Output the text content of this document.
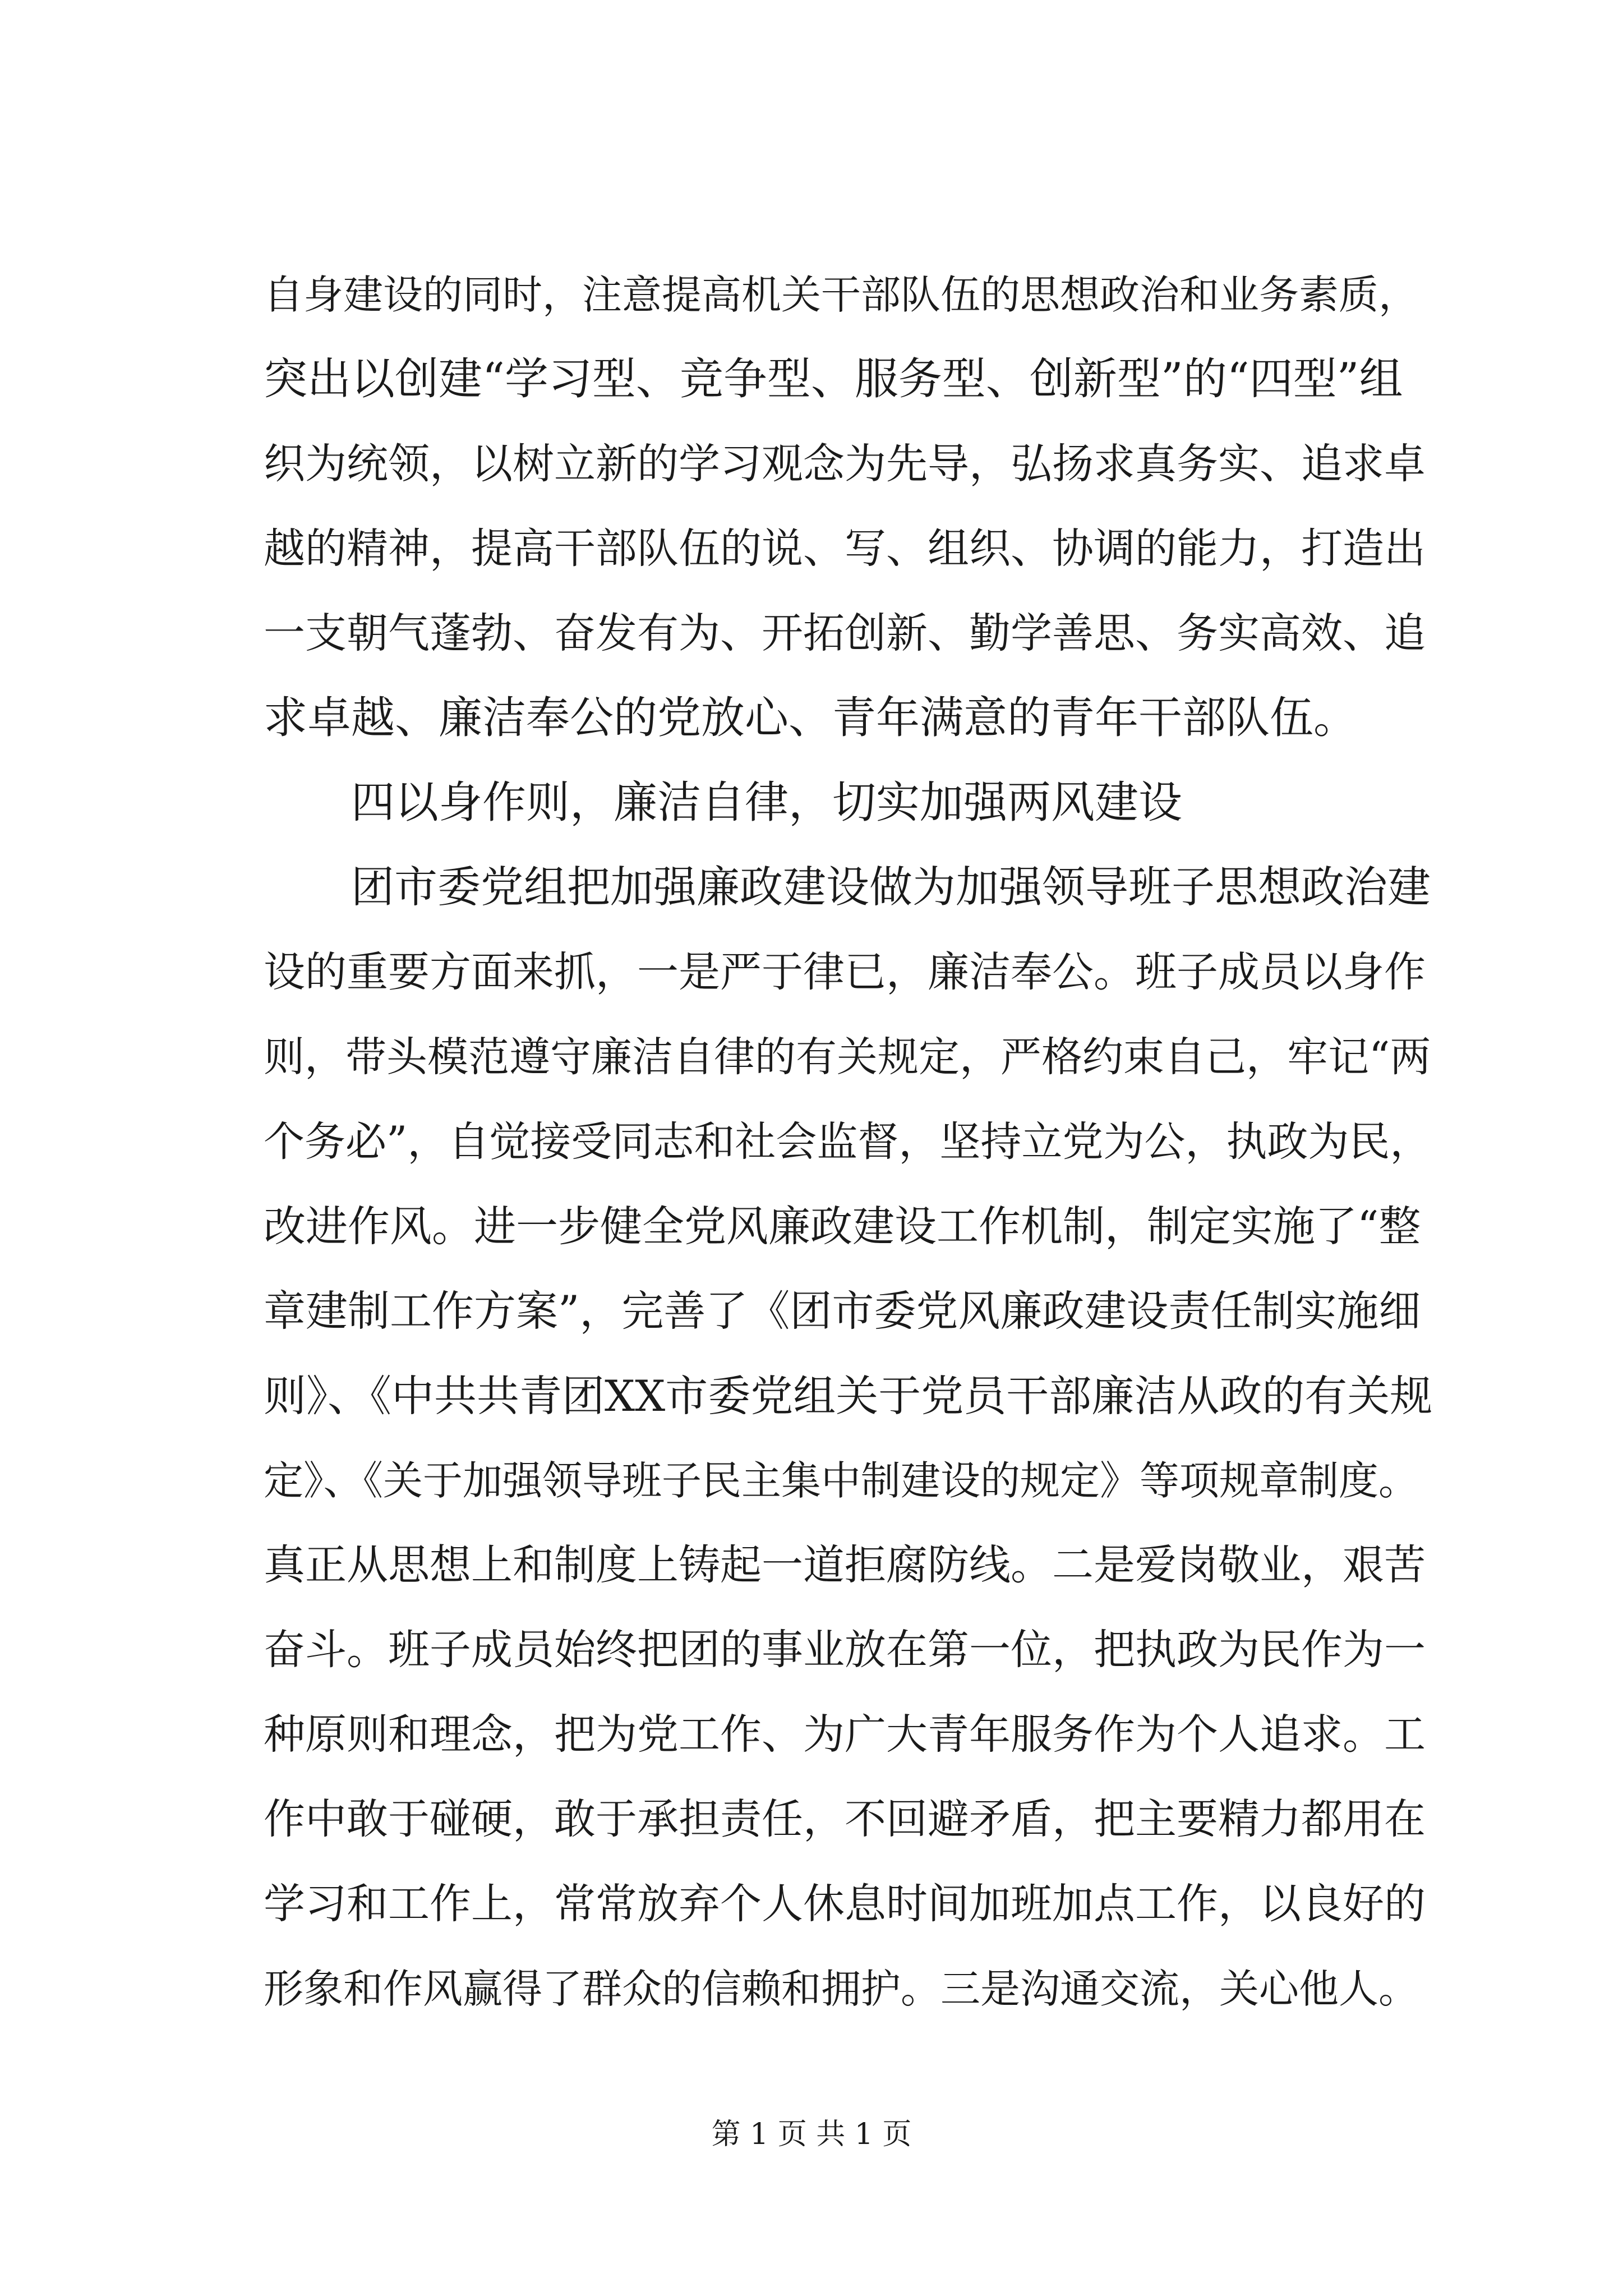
自身建设的同时，注意提高机关干部队伍的思想政治和业务素质，
突出以创建“学习型、竞争型、服务型、创新型”的“四型”组
织为统领，以树立新的学习观念为先导，弘扬求真务实、追求卓
越的精神，提高干部队伍的说、写、组织、协调的能力，打造出
一支朝气蓬勃、奋发有为、开拓创新、勤学善思、务实高效、追
求卓越、廉洁奉公的党放心、青年满意的青年干部队伍。
四以身作则，廉洁自律，切实加强两风建设
团市委党组把加强廉政建设做为加强领导班子思想政治建
设的重要方面来抓，一是严于律已，廉洁奉公。班子成员以身作
则，带头模范遵守廉洁自律的有关规定，严格约束自己，牢记“两
个务必”，自觉接受同志和社会监督，坚持立党为公，执政为民，
改进作风。进一步健全党风廉政建设工作机制，制定实施了“整
章建制工作方案”，完善了《团市委党风廉政建设责任制实施细
则》、《中共共青团XX市委党组关于党员干部廉洁从政的有关规
定》、《关于加强领导班子民主集中制建设的规定》等项规章制度。
真正从思想上和制度上铸起一道拒腐防线。二是爱岗敬业，艰苦
奋斗。班子成员始终把团的事业放在第一位，把执政为民作为一
种原则和理念，把为党工作、为广大青年服务作为个人追求。工
作中敢于碰硬，敢于承担责任，不回避矛盾，把主要精力都用在
学习和工作上，常常放弃个人休息时间加班加点工作，以良好的
形象和作风赢得了群众的信赖和拥护。三是沟通交流，关心他人。
第 1 页 共 1 页
